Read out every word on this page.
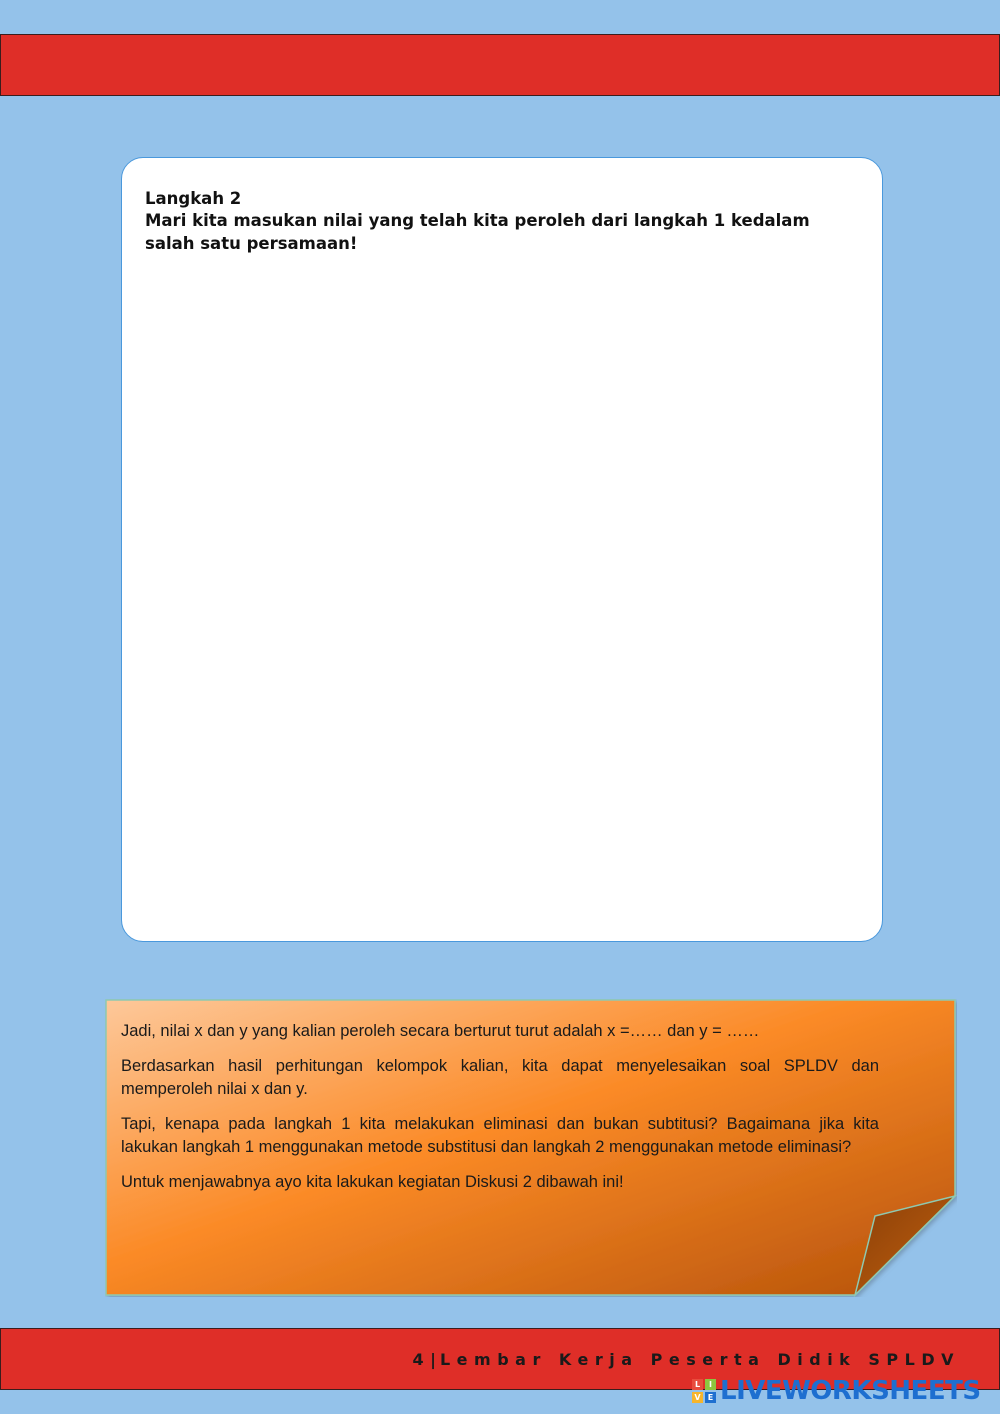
Langkah 2
Mari kita masukan nilai yang telah kita peroleh dari langkah 1 kedalam salah satu persamaan!

Jadi, nilai x dan y yang kalian peroleh secara berturut turut adalah x =…… dan y = ……

Berdasarkan hasil perhitungan kelompok kalian, kita dapat menyelesaikan soal SPLDV dan memperoleh nilai x dan y.

Tapi, kenapa pada langkah 1 kita melakukan eliminasi dan bukan subtitusi? Bagaimana jika kita lakukan langkah 1 menggunakan metode substitusi dan langkah 2 menggunakan metode eliminasi?

Untuk menjawabnya ayo kita lakukan kegiatan Diskusi 2 dibawah ini!

4|Lembar Kerja Peserta Didik SPLDV
L	I
V E LIVEWORKSHEETS
